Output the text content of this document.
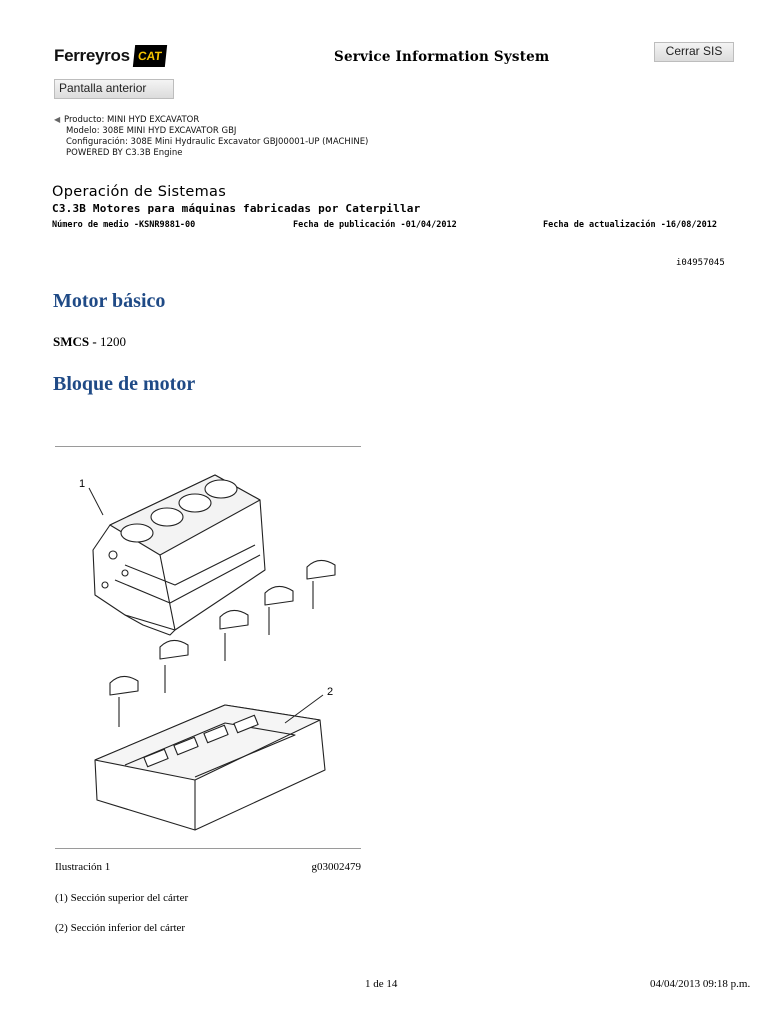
Ferreyros CAT	Service Information System	Cerrar SIS
Pantalla anterior
◀ Producto: MINI HYD EXCAVATOR
Modelo: 308E MINI HYD EXCAVATOR GBJ
Configuración: 308E Mini Hydraulic Excavator GBJ00001-UP (MACHINE)
POWERED BY C3.3B Engine
Operación de Sistemas
C3.3B Motores para máquinas fabricadas por Caterpillar
Número de medio -KSNR9881-00	Fecha de publicación -01/04/2012	Fecha de actualización -16/08/2012
i04957045
Motor básico
SMCS - 1200
Bloque de motor
1
2
Ilustración 1	g03002479
(1) Sección superior del cárter
(2) Sección inferior del cárter
1 de 14	04/04/2013 09:18 p.m.
